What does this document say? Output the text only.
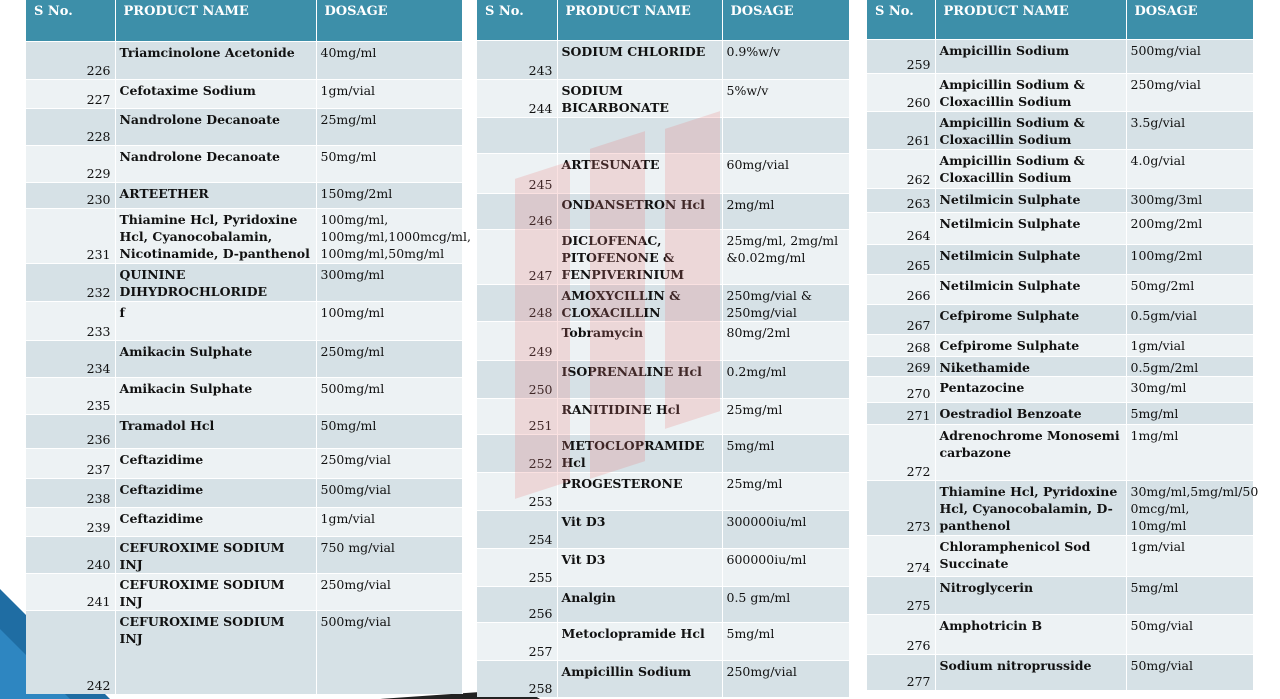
S No.	PRODUCT NAME	DOSAGE
226	Triamcinolone Acetonide	40mg/ml
227	Cefotaxime Sodium	1gm/vial
228	Nandrolone Decanoate	25mg/ml
229	Nandrolone Decanoate	50mg/ml
230	ARTEETHER	150mg/2ml
231	Thiamine Hcl, Pyridoxine Hcl, Cyanocobalamin, Nicotinamide, D-panthenol	100mg/ml, 100mg/ml,1000mcg/ml, 100mg/ml,50mg/ml
232	QUININE DIHYDROCHLORIDE	300mg/ml
233	f	100mg/ml
234	Amikacin Sulphate	250mg/ml
235	Amikacin Sulphate	500mg/ml
236	Tramadol Hcl	50mg/ml
237	Ceftazidime	250mg/vial
238	Ceftazidime	500mg/vial
239	Ceftazidime	1gm/vial
240	CEFUROXIME SODIUM INJ	750 mg/vial
241	CEFUROXIME SODIUM INJ	250mg/vial
242	CEFUROXIME SODIUM INJ	500mg/vial
S No.	PRODUCT NAME	DOSAGE
243	SODIUM CHLORIDE	0.9%w/v
244	SODIUM BICARBONATE	5%w/v

245	ARTESUNATE	60mg/vial
246	ONDANSETRON Hcl	2mg/ml
247	DICLOFENAC, PITOFENONE & FENPIVERINIUM	25mg/ml, 2mg/ml &0.02mg/ml
248	AMOXYCILLIN & CLOXACILLIN	250mg/vial & 250mg/vial
249	Tobramycin	80mg/2ml
250	ISOPRENALINE Hcl	0.2mg/ml
251	RANITIDINE Hcl	25mg/ml
252	METOCLOPRAMIDE Hcl	5mg/ml
253	PROGESTERONE	25mg/ml
254	Vit D3	300000iu/ml
255	Vit D3	600000iu/ml
256	Analgin	0.5 gm/ml
257	Metoclopramide Hcl	5mg/ml
258	Ampicillin Sodium	250mg/vial
S No.	PRODUCT NAME	DOSAGE
259	Ampicillin Sodium	500mg/vial
260	Ampicillin Sodium & Cloxacillin Sodium	250mg/vial
261	Ampicillin Sodium & Cloxacillin Sodium	3.5g/vial
262	Ampicillin Sodium & Cloxacillin Sodium	4.0g/vial
263	Netilmicin Sulphate	300mg/3ml
264	Netilmicin Sulphate	200mg/2ml
265	Netilmicin Sulphate	100mg/2ml
266	Netilmicin Sulphate	50mg/2ml
267	Cefpirome Sulphate	0.5gm/vial
268	Cefpirome Sulphate	1gm/vial
269	Nikethamide	0.5gm/2ml
270	Pentazocine	30mg/ml
271	Oestradiol Benzoate	5mg/ml
272	Adrenochrome Monosemi carbazone	1mg/ml
273	Thiamine Hcl, Pyridoxine Hcl, Cyanocobalamin, D-panthenol	30mg/ml,5mg/ml/50 0mcg/ml, 10mg/ml
274	Chloramphenicol Sod Succinate	1gm/vial
275	Nitroglycerin	5mg/ml
276	Amphotricin B	50mg/vial
277	Sodium nitroprusside	50mg/vial
